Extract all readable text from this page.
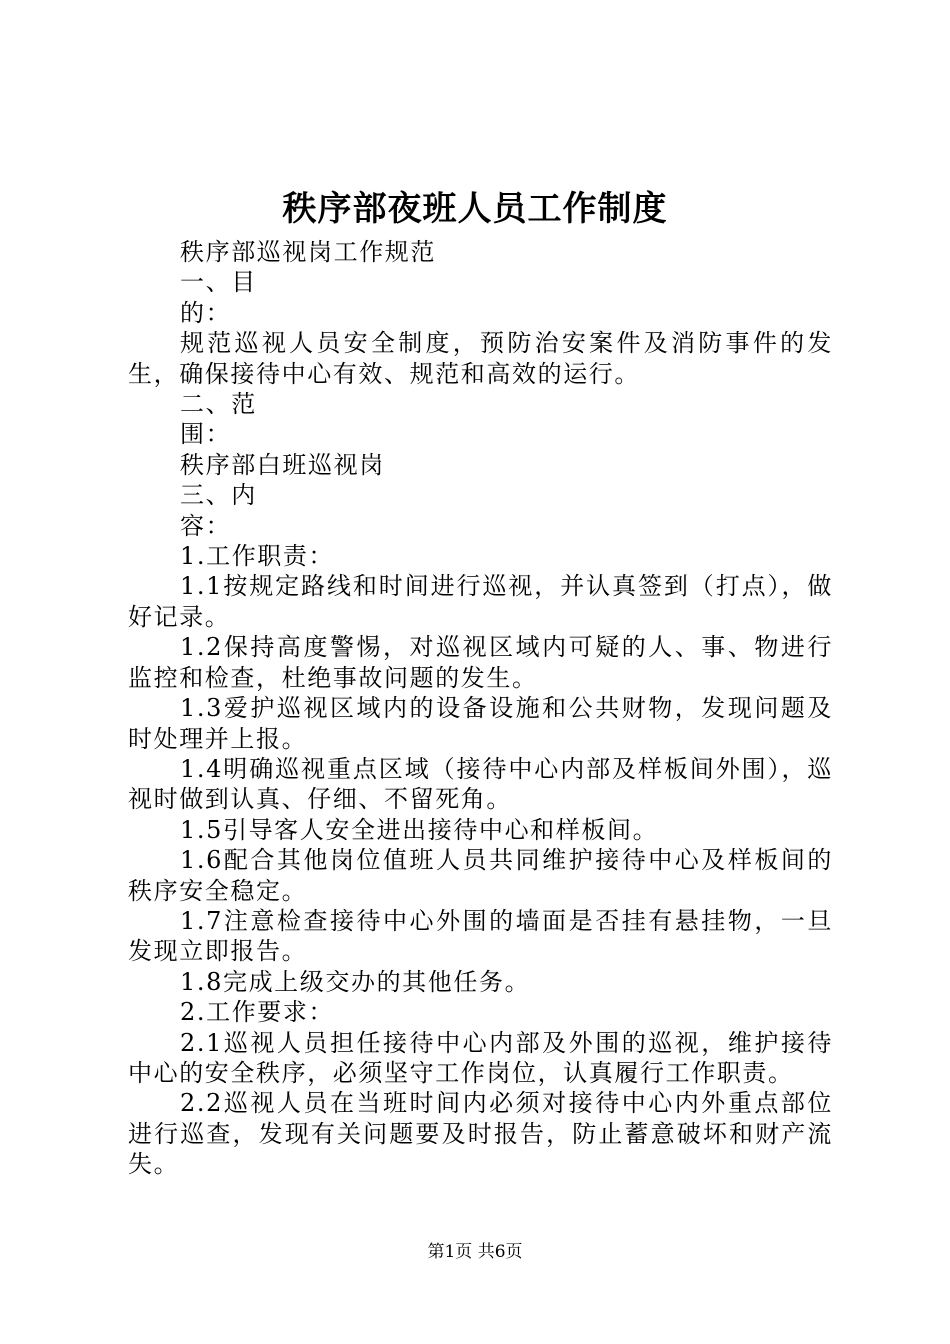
秩序部夜班人员工作制度

秩序部巡视岗工作规范

一、目

的：

规范巡视人员安全制度，预防治安案件及消防事件的发生，确保接待中心有效、规范和高效的运行。

二、范

围：

秩序部白班巡视岗

三、内

容：

1.工作职责：

1.1按规定路线和时间进行巡视，并认真签到（打点），做好记录。

1.2保持高度警惕，对巡视区域内可疑的人、事、物进行监控和检查，杜绝事故问题的发生。

1.3爱护巡视区域内的设备设施和公共财物，发现问题及时处理并上报。

1.4明确巡视重点区域（接待中心内部及样板间外围），巡视时做到认真、仔细、不留死角。

1.5引导客人安全进出接待中心和样板间。

1.6配合其他岗位值班人员共同维护接待中心及样板间的秩序安全稳定。

1.7注意检查接待中心外围的墙面是否挂有悬挂物，一旦发现立即报告。

1.8完成上级交办的其他任务。

2.工作要求：

2.1巡视人员担任接待中心内部及外围的巡视，维护接待中心的安全秩序，必须坚守工作岗位，认真履行工作职责。

2.2巡视人员在当班时间内必须对接待中心内外重点部位进行巡查，发现有关问题要及时报告，防止蓄意破坏和财产流失。

第1页 共6页
